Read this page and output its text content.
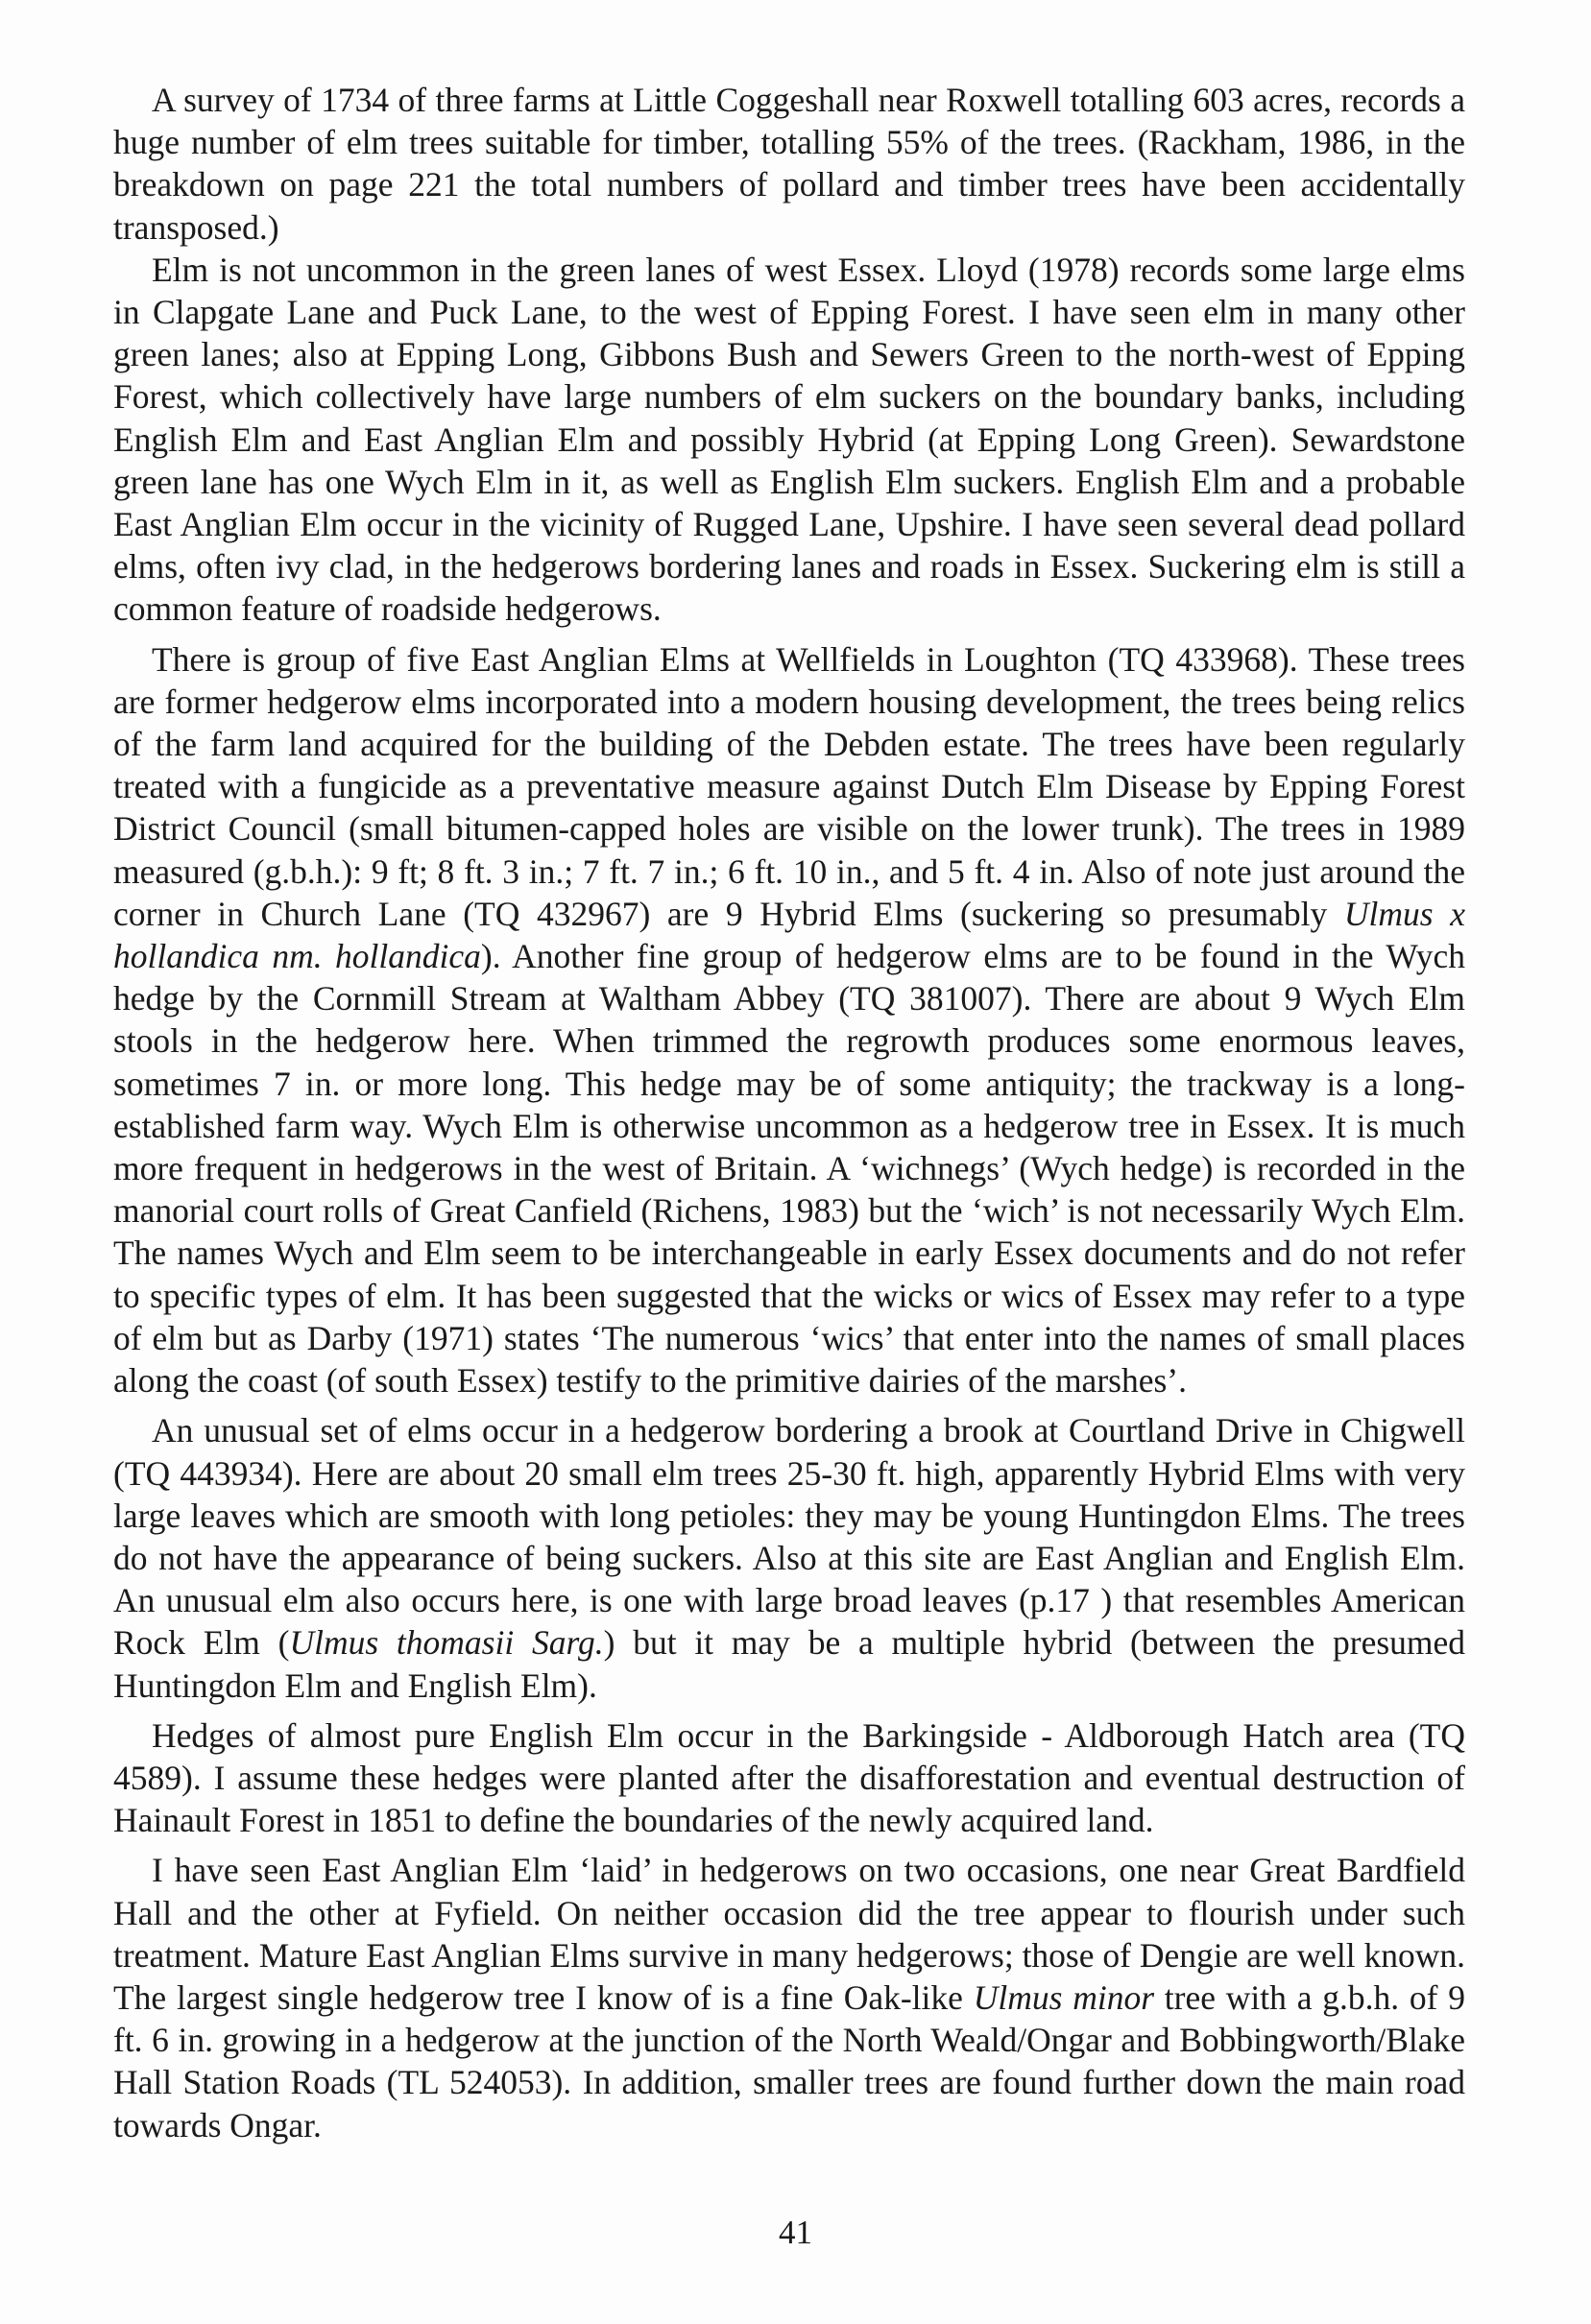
A survey of 1734 of three farms at Little Coggeshall near Roxwell totalling 603 acres, records a huge number of elm trees suitable for timber, totalling 55% of the trees. (Rackham, 1986, in the breakdown on page 221 the total numbers of pollard and timber trees have been accidentally transposed.)

Elm is not uncommon in the green lanes of west Essex. Lloyd (1978) records some large elms in Clapgate Lane and Puck Lane, to the west of Epping Forest. I have seen elm in many other green lanes; also at Epping Long, Gibbons Bush and Sewers Green to the north-west of Epping Forest, which collectively have large numbers of elm suckers on the boundary banks, including English Elm and East Anglian Elm and possibly Hybrid (at Epping Long Green). Sewardstone green lane has one Wych Elm in it, as well as English Elm suckers. English Elm and a probable East Anglian Elm occur in the vicinity of Rugged Lane, Upshire. I have seen several dead pollard elms, often ivy clad, in the hedgerows bordering lanes and roads in Essex. Suckering elm is still a common feature of roadside hedgerows.

There is group of five East Anglian Elms at Wellfields in Loughton (TQ 433968). These trees are former hedgerow elms incorporated into a modern housing development, the trees being relics of the farm land acquired for the building of the Debden estate. The trees have been regularly treated with a fungicide as a preventative measure against Dutch Elm Disease by Epping Forest District Council (small bitumen-capped holes are visible on the lower trunk). The trees in 1989 measured (g.b.h.): 9 ft; 8 ft. 3 in.; 7 ft. 7 in.; 6 ft. 10 in., and 5 ft. 4 in. Also of note just around the corner in Church Lane (TQ 432967) are 9 Hybrid Elms (suckering so presumably Ulmus x hollandica nm. hollandica). Another fine group of hedgerow elms are to be found in the Wych hedge by the Cornmill Stream at Waltham Abbey (TQ 381007). There are about 9 Wych Elm stools in the hedgerow here. When trimmed the regrowth produces some enormous leaves, sometimes 7 in. or more long. This hedge may be of some antiquity; the trackway is a long-established farm way. Wych Elm is otherwise uncommon as a hedgerow tree in Essex. It is much more frequent in hedgerows in the west of Britain. A ‘wichnegs’ (Wych hedge) is recorded in the manorial court rolls of Great Canfield (Richens, 1983) but the ‘wich’ is not necessarily Wych Elm. The names Wych and Elm seem to be interchangeable in early Essex documents and do not refer to specific types of elm. It has been suggested that the wicks or wics of Essex may refer to a type of elm but as Darby (1971) states ‘The numerous ‘wics’ that enter into the names of small places along the coast (of south Essex) testify to the primitive dairies of the marshes’.

An unusual set of elms occur in a hedgerow bordering a brook at Courtland Drive in Chigwell (TQ 443934). Here are about 20 small elm trees 25-30 ft. high, apparently Hybrid Elms with very large leaves which are smooth with long petioles: they may be young Huntingdon Elms. The trees do not have the appearance of being suckers. Also at this site are East Anglian and English Elm. An unusual elm also occurs here, is one with large broad leaves (p.17 ) that resembles American Rock Elm (Ulmus thomasii Sarg.) but it may be a multiple hybrid (between the presumed Huntingdon Elm and English Elm).

Hedges of almost pure English Elm occur in the Barkingside - Aldborough Hatch area (TQ 4589). I assume these hedges were planted after the disafforestation and eventual destruction of Hainault Forest in 1851 to define the boundaries of the newly acquired land.

I have seen East Anglian Elm ‘laid’ in hedgerows on two occasions, one near Great Bardfield Hall and the other at Fyfield. On neither occasion did the tree appear to flourish under such treatment. Mature East Anglian Elms survive in many hedgerows; those of Dengie are well known. The largest single hedgerow tree I know of is a fine Oak-like Ulmus minor tree with a g.b.h. of 9 ft. 6 in. growing in a hedgerow at the junction of the North Weald/Ongar and Bobbingworth/Blake Hall Station Roads (TL 524053). In addition, smaller trees are found further down the main road towards Ongar.

41
